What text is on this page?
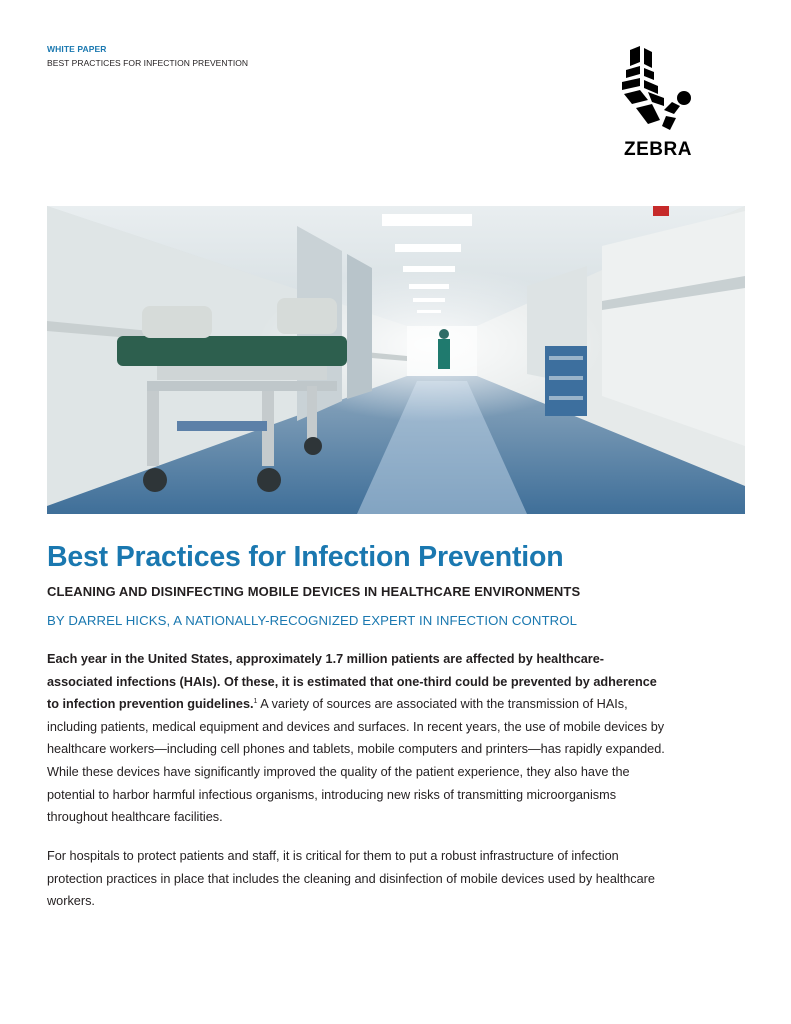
WHITE PAPER
BEST PRACTICES FOR INFECTION PREVENTION
ZEBRA
Best Practices for Infection Prevention
CLEANING AND DISINFECTING MOBILE DEVICES IN HEALTHCARE ENVIRONMENTS
BY DARREL HICKS, A NATIONALLY-RECOGNIZED EXPERT IN INFECTION CONTROL
Each year in the United States, approximately 1.7 million patients are affected by healthcare-associated infections (HAIs). Of these, it is estimated that one-third could be prevented by adherence to infection prevention guidelines.$^1$ A variety of sources are associated with the transmission of HAIs, including patients, medical equipment and devices and surfaces. In recent years, the use of mobile devices by healthcare workers—including cell phones and tablets, mobile computers and printers—has rapidly expanded. While these devices have significantly improved the quality of the patient experience, they also have the potential to harbor harmful infectious organisms, introducing new risks of transmitting microorganisms throughout healthcare facilities.
For hospitals to protect patients and staff, it is critical for them to put a robust infrastructure of infection protection practices in place that includes the cleaning and disinfection of mobile devices used by healthcare workers.
